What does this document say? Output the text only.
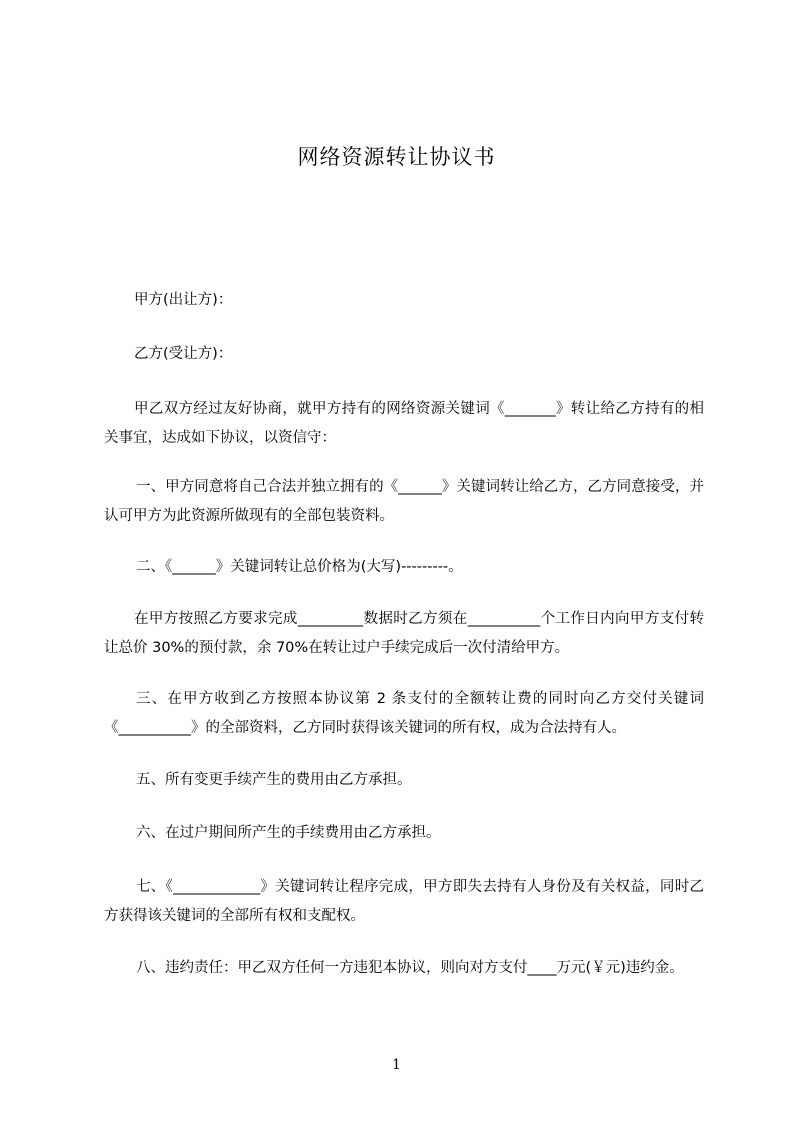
网络资源转让协议书
甲方(出让方)：
乙方(受让方)：
甲乙双方经过友好协商，就甲方持有的网络资源关键词《_______》转让给乙方持有的相关事宜，达成如下协议，以资信守：
一、甲方同意将自己合法并独立拥有的《______》关键词转让给乙方，乙方同意接受，并认可甲方为此资源所做现有的全部包装资料。
二、《______》关键词转让总价格为(大写)---------。
在甲方按照乙方要求完成_________数据时乙方须在__________个工作日内向甲方支付转让总价 30%的预付款，余 70%在转让过户手续完成后一次付清给甲方。
三、在甲方收到乙方按照本协议第 2 条支付的全额转让费的同时向乙方交付关键词《__________》的全部资料，乙方同时获得该关键词的所有权，成为合法持有人。
五、所有变更手续产生的费用由乙方承担。
六、在过户期间所产生的手续费用由乙方承担。
七、《____________》关键词转让程序完成，甲方即失去持有人身份及有关权益，同时乙方获得该关键词的全部所有权和支配权。
八、违约责任：甲乙双方任何一方违犯本协议，则向对方支付____万元(￥元)违约金。
1
